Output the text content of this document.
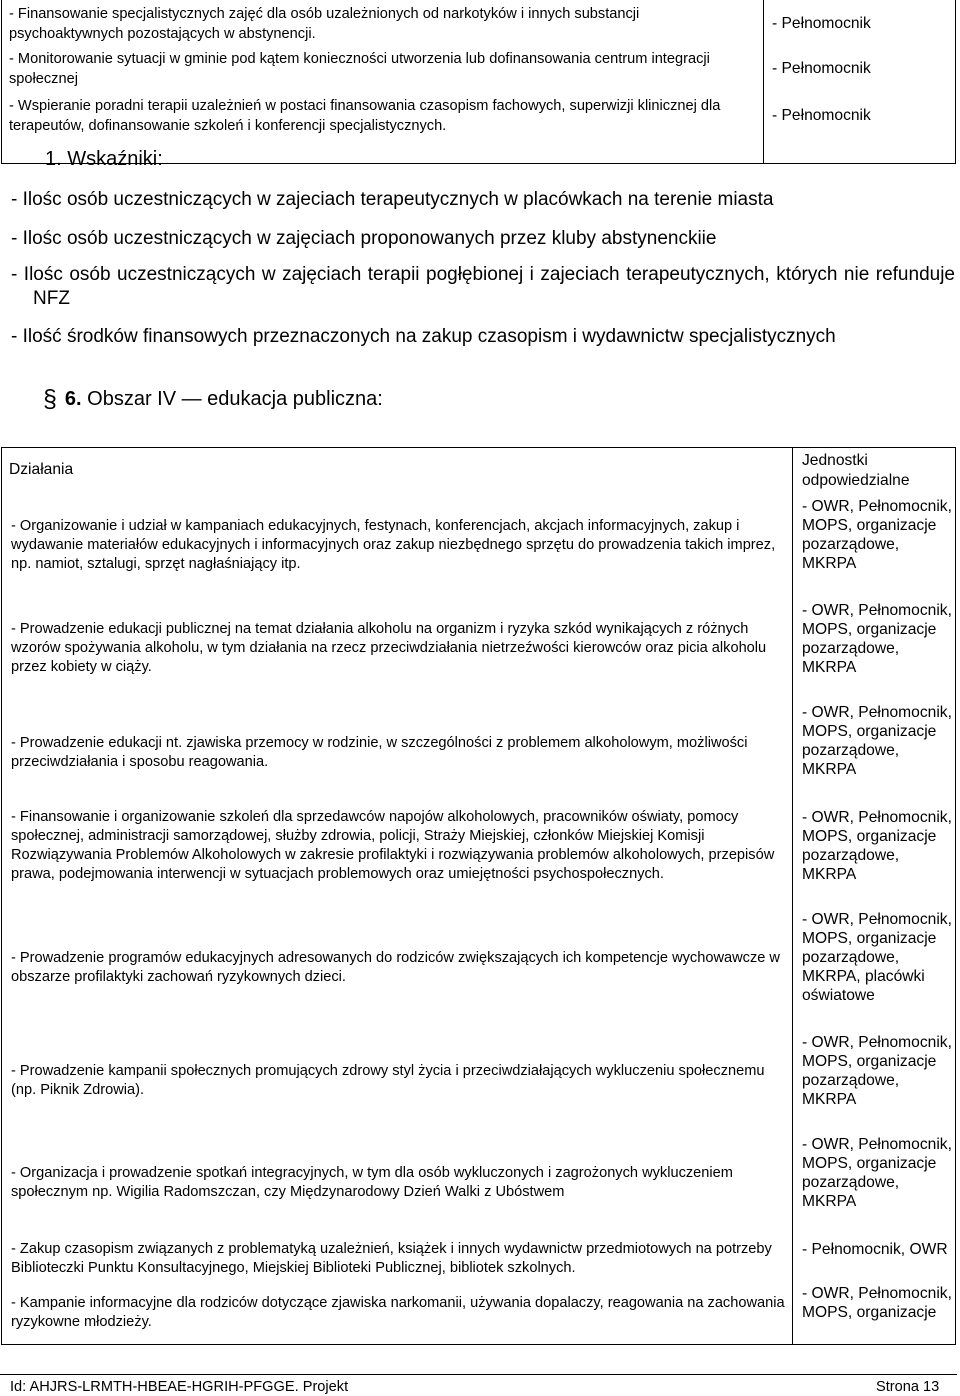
- Finansowanie specjalistycznych zajęć dla osób uzależnionych od narkotyków i innych substancji psychoaktywnych pozostających w abstynencji.
- Pełnomocnik
- Monitorowanie sytuacji w gminie pod kątem konieczności utworzenia lub dofinansowania centrum integracji społecznej
- Pełnomocnik
- Wspieranie poradni terapii uzależnień w postaci finansowania czasopism fachowych, superwizji klinicznej dla terapeutów, dofinansowanie szkoleń i konferencji specjalistycznych.
- Pełnomocnik
1. Wskaźniki:
- Ilośc osób uczestniczących w zajeciach terapeutycznych w placówkach na terenie miasta
- Ilośc osób uczestniczących w zajęciach proponowanych przez kluby abstynenckiie
- Ilośc osób uczestniczących w zajęciach terapii pogłębionej i zajeciach terapeutycznych, których nie refunduje NFZ
- Ilość środków finansowych przeznaczonych na zakup czasopism i wydawnictw specjalistycznych
§ 6. Obszar IV — edukacja publiczna:
Działania
Jednostki odpowiedzialne
- Organizowanie i udział w kampaniach edukacyjnych, festynach, konferencjach, akcjach informacyjnych, zakup i wydawanie materiałów edukacyjnych i informacyjnych oraz zakup niezbędnego sprzętu do prowadzenia takich imprez, np. namiot, sztalugi, sprzęt nagłaśniający itp.
- OWR, Pełnomocnik, MOPS, organizacje pozarządowe, MKRPA
- Prowadzenie edukacji publicznej na temat działania alkoholu na organizm i ryzyka szkód wynikających z różnych wzorów spożywania alkoholu, w tym działania na rzecz przeciwdziałania nietrzeźwości kierowców oraz picia alkoholu przez kobiety w ciąży.
- OWR, Pełnomocnik, MOPS, organizacje pozarządowe, MKRPA
- Prowadzenie edukacji nt. zjawiska przemocy w rodzinie, w szczególności z problemem alkoholowym, możliwości przeciwdziałania i sposobu reagowania.
- OWR, Pełnomocnik, MOPS, organizacje pozarządowe, MKRPA
- Finansowanie i organizowanie szkoleń dla sprzedawców napojów alkoholowych, pracowników oświaty, pomocy społecznej, administracji samorządowej, służby zdrowia, policji, Straży Miejskiej, członków Miejskiej Komisji Rozwiązywania Problemów Alkoholowych w zakresie profilaktyki i rozwiązywania problemów alkoholowych, przepisów prawa, podejmowania interwencji w sytuacjach problemowych oraz umiejętności psychospołecznych.
- OWR, Pełnomocnik, MOPS, organizacje pozarządowe, MKRPA
- Prowadzenie programów edukacyjnych adresowanych do rodziców zwiększających ich kompetencje wychowawcze w obszarze profilaktyki zachowań ryzykownych dzieci.
- OWR, Pełnomocnik, MOPS, organizacje pozarządowe, MKRPA, placówki oświatowe
- Prowadzenie kampanii społecznych promujących zdrowy styl życia i przeciwdziałających wykluczeniu społecznemu (np. Piknik Zdrowia).
- OWR, Pełnomocnik, MOPS, organizacje pozarządowe, MKRPA
- Organizacja i prowadzenie spotkań integracyjnych, w tym dla osób wykluczonych i zagrożonych wykluczeniem społecznym np. Wigilia Radomszczan, czy Międzynarodowy Dzień Walki z Ubóstwem
- OWR, Pełnomocnik, MOPS, organizacje pozarządowe, MKRPA
- Zakup czasopism związanych z problematyką uzależnień, książek i innych wydawnictw przedmiotowych na potrzeby Biblioteczki Punktu Konsultacyjnego, Miejskiej Biblioteki Publicznej, bibliotek szkolnych.
- Pełnomocnik, OWR
- Kampanie informacyjne dla rodziców dotyczące zjawiska narkomanii, używania dopalaczy, reagowania na zachowania ryzykowne młodzieży.
- OWR, Pełnomocnik, MOPS, organizacje
Id: AHJRS-LRMTH-HBEAE-HGRIH-PFGGE. Projekt	Strona 13
